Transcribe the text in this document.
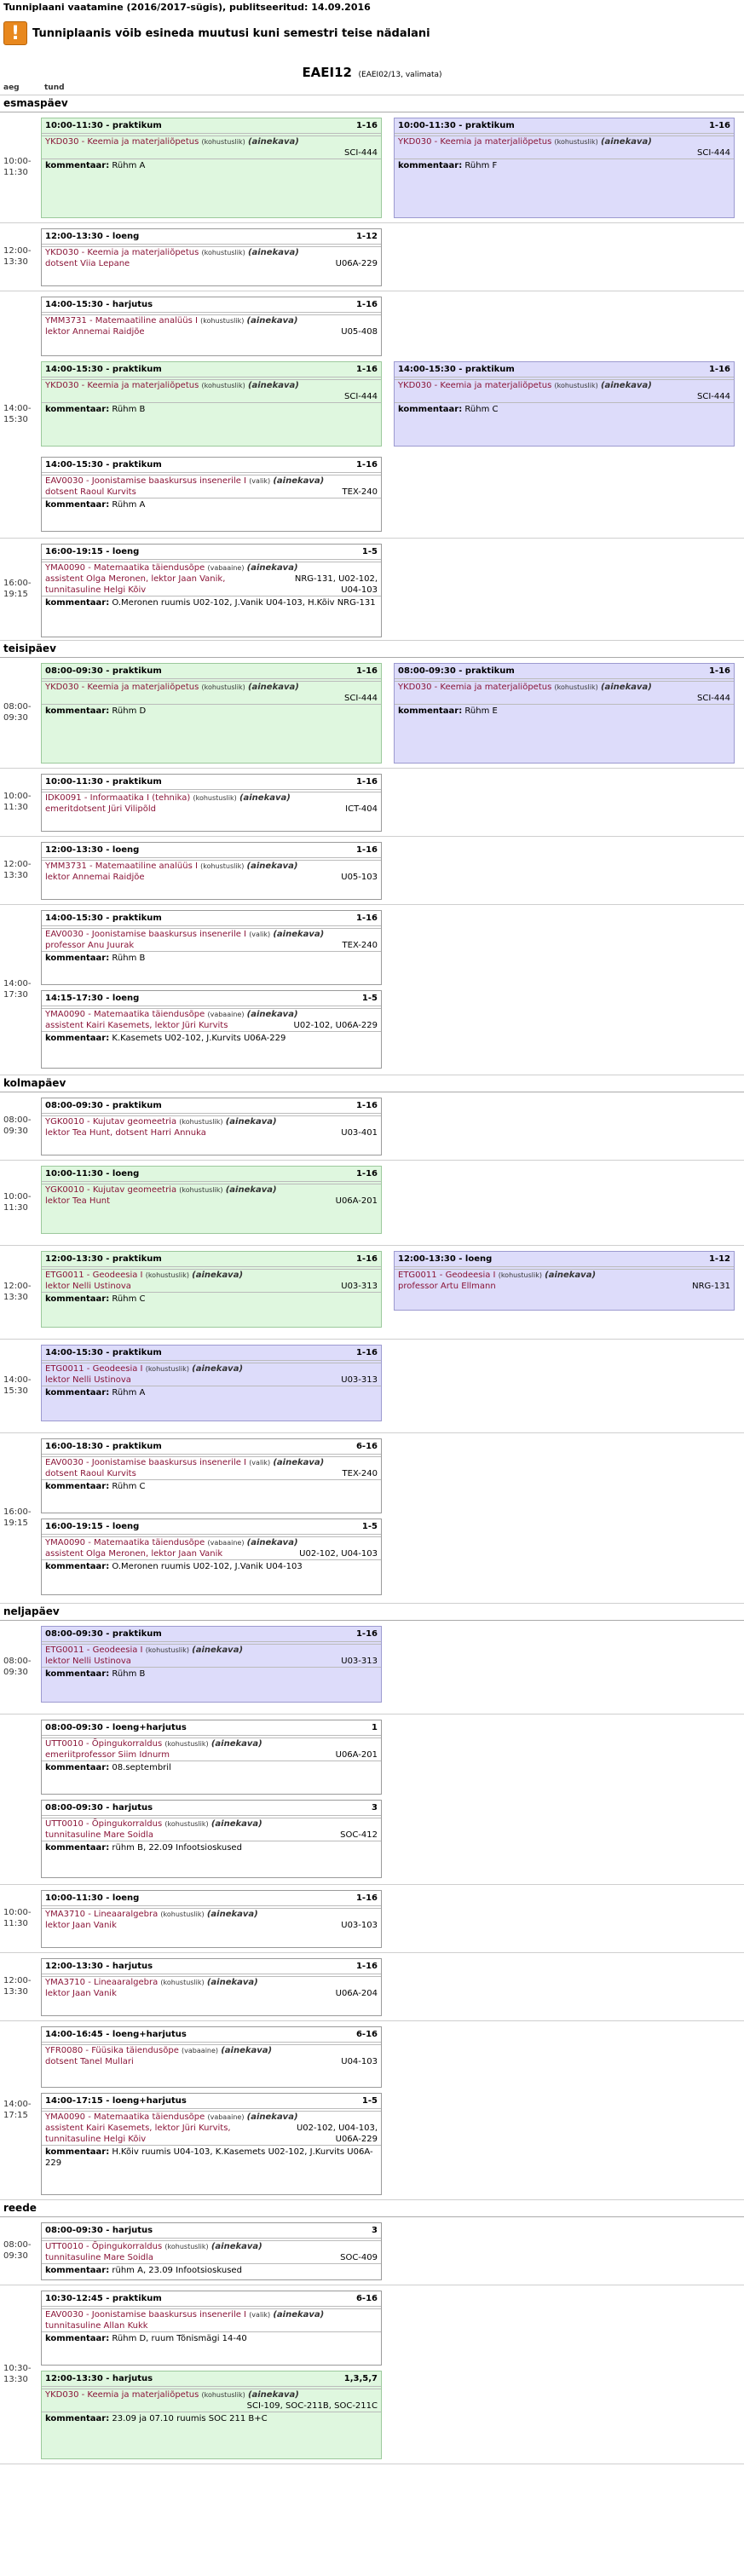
Tunniplaani vaatamine (2016/2017-sügis), publitseeritud: 14.09.2016
!	Tunniplaanis võib esineda muutusi kuni semestri teise nädalani
EAEI12 (EAEI02/13, valimata)
aeg	tund
esmaspäev
10:00-
11:30
10:00-11:30 - praktikum	1-16
YKD030 - Keemia ja materjaliõpetus (kohustuslik) (ainekava)
SCI-444
kommentaar: Rühm A
10:00-11:30 - praktikum	1-16
YKD030 - Keemia ja materjaliõpetus (kohustuslik) (ainekava)
SCI-444
kommentaar: Rühm F
12:00-
13:30
12:00-13:30 - loeng	1-12
YKD030 - Keemia ja materjaliõpetus (kohustuslik) (ainekava)
dotsent Viia Lepane	U06A-229
14:00-
15:30
14:00-15:30 - harjutus	1-16
YMM3731 - Matemaatiline analüüs I (kohustuslik) (ainekava)
lektor Annemai Raidjõe	U05-408
14:00-15:30 - praktikum	1-16
YKD030 - Keemia ja materjaliõpetus (kohustuslik) (ainekava)
SCI-444
kommentaar: Rühm B
14:00-15:30 - praktikum	1-16
YKD030 - Keemia ja materjaliõpetus (kohustuslik) (ainekava)
SCI-444
kommentaar: Rühm C
14:00-15:30 - praktikum	1-16
EAV0030 - Joonistamise baaskursus insenerile I (valik) (ainekava)
dotsent Raoul Kurvits	TEX-240
kommentaar: Rühm A
16:00-
19:15
16:00-19:15 - loeng	1-5
YMA0090 - Matemaatika täiendusõpe (vabaaine) (ainekava)
assistent Olga Meronen, lektor Jaan Vanik,	NRG-131, U02-102,
tunnitasuline Helgi Kõiv	U04-103
kommentaar: O.Meronen ruumis U02-102, J.Vanik U04-103, H.Kõiv NRG-131
teisipäev
08:00-
09:30
08:00-09:30 - praktikum	1-16
YKD030 - Keemia ja materjaliõpetus (kohustuslik) (ainekava)
SCI-444
kommentaar: Rühm D
08:00-09:30 - praktikum	1-16
YKD030 - Keemia ja materjaliõpetus (kohustuslik) (ainekava)
SCI-444
kommentaar: Rühm E
10:00-
11:30
10:00-11:30 - praktikum	1-16
IDK0091 - Informaatika I (tehnika) (kohustuslik) (ainekava)
emeritdotsent Jüri Vilipõld	ICT-404
12:00-
13:30
12:00-13:30 - loeng	1-16
YMM3731 - Matemaatiline analüüs I (kohustuslik) (ainekava)
lektor Annemai Raidjõe	U05-103
14:00-
17:30
14:00-15:30 - praktikum	1-16
EAV0030 - Joonistamise baaskursus insenerile I (valik) (ainekava)
professor Anu Juurak	TEX-240
kommentaar: Rühm B
14:15-17:30 - loeng	1-5
YMA0090 - Matemaatika täiendusõpe (vabaaine) (ainekava)
assistent Kairi Kasemets, lektor Jüri Kurvits	U02-102, U06A-229
kommentaar: K.Kasemets U02-102, J.Kurvits U06A-229
kolmapäev
08:00-
09:30
08:00-09:30 - praktikum	1-16
YGK0010 - Kujutav geomeetria (kohustuslik) (ainekava)
lektor Tea Hunt, dotsent Harri Annuka	U03-401
10:00-
11:30
10:00-11:30 - loeng	1-16
YGK0010 - Kujutav geomeetria (kohustuslik) (ainekava)
lektor Tea Hunt	U06A-201
12:00-
13:30
12:00-13:30 - praktikum	1-16
ETG0011 - Geodeesia I (kohustuslik) (ainekava)
lektor Nelli Ustinova	U03-313
kommentaar: Rühm C
12:00-13:30 - loeng	1-12
ETG0011 - Geodeesia I (kohustuslik) (ainekava)
professor Artu Ellmann	NRG-131
14:00-
15:30
14:00-15:30 - praktikum	1-16
ETG0011 - Geodeesia I (kohustuslik) (ainekava)
lektor Nelli Ustinova	U03-313
kommentaar: Rühm A
16:00-
19:15
16:00-18:30 - praktikum	6-16
EAV0030 - Joonistamise baaskursus insenerile I (valik) (ainekava)
dotsent Raoul Kurvits	TEX-240
kommentaar: Rühm C
16:00-19:15 - loeng	1-5
YMA0090 - Matemaatika täiendusõpe (vabaaine) (ainekava)
assistent Olga Meronen, lektor Jaan Vanik	U02-102, U04-103
kommentaar: O.Meronen ruumis U02-102, J.Vanik U04-103
neljapäev
08:00-
09:30
08:00-09:30 - praktikum	1-16
ETG0011 - Geodeesia I (kohustuslik) (ainekava)
lektor Nelli Ustinova	U03-313
kommentaar: Rühm B
08:00-09:30 - loeng+harjutus	1
UTT0010 - Õpingukorraldus (kohustuslik) (ainekava)
emeriitprofessor Siim Idnurm	U06A-201
kommentaar: 08.septembril
08:00-09:30 - harjutus	3
UTT0010 - Õpingukorraldus (kohustuslik) (ainekava)
tunnitasuline Mare Soidla	SOC-412
kommentaar: rühm B, 22.09 Infootsioskused
10:00-
11:30
10:00-11:30 - loeng	1-16
YMA3710 - Lineaaralgebra (kohustuslik) (ainekava)
lektor Jaan Vanik	U03-103
12:00-
13:30
12:00-13:30 - harjutus	1-16
YMA3710 - Lineaaralgebra (kohustuslik) (ainekava)
lektor Jaan Vanik	U06A-204
14:00-
17:15
14:00-16:45 - loeng+harjutus	6-16
YFR0080 - Füüsika täiendusõpe (vabaaine) (ainekava)
dotsent Tanel Mullari	U04-103
14:00-17:15 - loeng+harjutus	1-5
YMA0090 - Matemaatika täiendusõpe (vabaaine) (ainekava)
assistent Kairi Kasemets, lektor Jüri Kurvits,	U02-102, U04-103,
tunnitasuline Helgi Kõiv	U06A-229
kommentaar: H.Kõiv ruumis U04-103, K.Kasemets U02-102, J.Kurvits U06A-229
reede
08:00-
09:30
08:00-09:30 - harjutus	3
UTT0010 - Õpingukorraldus (kohustuslik) (ainekava)
tunnitasuline Mare Soidla	SOC-409
kommentaar: rühm A, 23.09 Infootsioskused
10:30-
13:30
10:30-12:45 - praktikum	6-16
EAV0030 - Joonistamise baaskursus insenerile I (valik) (ainekava)
tunnitasuline Allan Kukk
kommentaar: Rühm D, ruum Tõnismägi 14-40
12:00-13:30 - harjutus	1,3,5,7
YKD030 - Keemia ja materjaliõpetus (kohustuslik) (ainekava)
SCI-109, SOC-211B, SOC-211C
kommentaar: 23.09 ja 07.10 ruumis SOC 211 B+C
